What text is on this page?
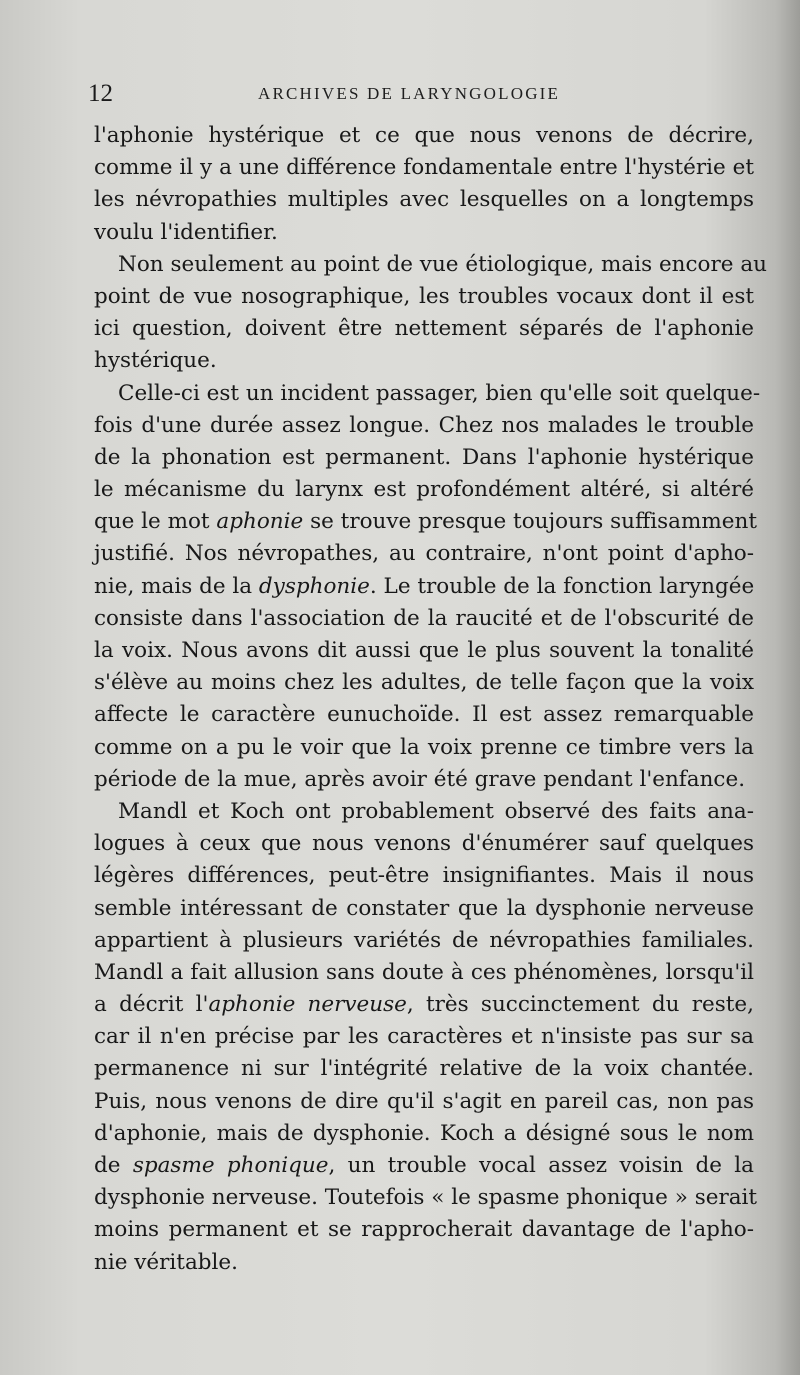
12	ARCHIVES DE LARYNGOLOGIE
l'aphonie hystérique et ce que nous venons de décrire,
comme il y a une différence fondamentale entre l'hystérie et
les névropathies multiples avec lesquelles on a longtemps
voulu l'identifier.
Non seulement au point de vue étiologique, mais encore au
point de vue nosographique, les troubles vocaux dont il est
ici question, doivent être nettement séparés de l'aphonie
hystérique.
Celle-ci est un incident passager, bien qu'elle soit quelque-
fois d'une durée assez longue. Chez nos malades le trouble
de la phonation est permanent. Dans l'aphonie hystérique
le mécanisme du larynx est profondément altéré, si altéré
que le mot aphonie se trouve presque toujours suffisamment
justifié. Nos névropathes, au contraire, n'ont point d'apho-
nie, mais de la dysphonie. Le trouble de la fonction laryngée
consiste dans l'association de la raucité et de l'obscurité de
la voix. Nous avons dit aussi que le plus souvent la tonalité
s'élève au moins chez les adultes, de telle façon que la voix
affecte le caractère eunuchoïde. Il est assez remarquable
comme on a pu le voir que la voix prenne ce timbre vers la
période de la mue, après avoir été grave pendant l'enfance.
Mandl et Koch ont probablement observé des faits ana-
logues à ceux que nous venons d'énumérer sauf quelques
légères différences, peut-être insignifiantes. Mais il nous
semble intéressant de constater que la dysphonie nerveuse
appartient à plusieurs variétés de névropathies familiales.
Mandl a fait allusion sans doute à ces phénomènes, lorsqu'il
a décrit l'aphonie nerveuse, très succinctement du reste,
car il n'en précise par les caractères et n'insiste pas sur sa
permanence ni sur l'intégrité relative de la voix chantée.
Puis, nous venons de dire qu'il s'agit en pareil cas, non pas
d'aphonie, mais de dysphonie. Koch a désigné sous le nom
de spasme phonique, un trouble vocal assez voisin de la
dysphonie nerveuse. Toutefois « le spasme phonique » serait
moins permanent et se rapprocherait davantage de l'apho-
nie véritable.
